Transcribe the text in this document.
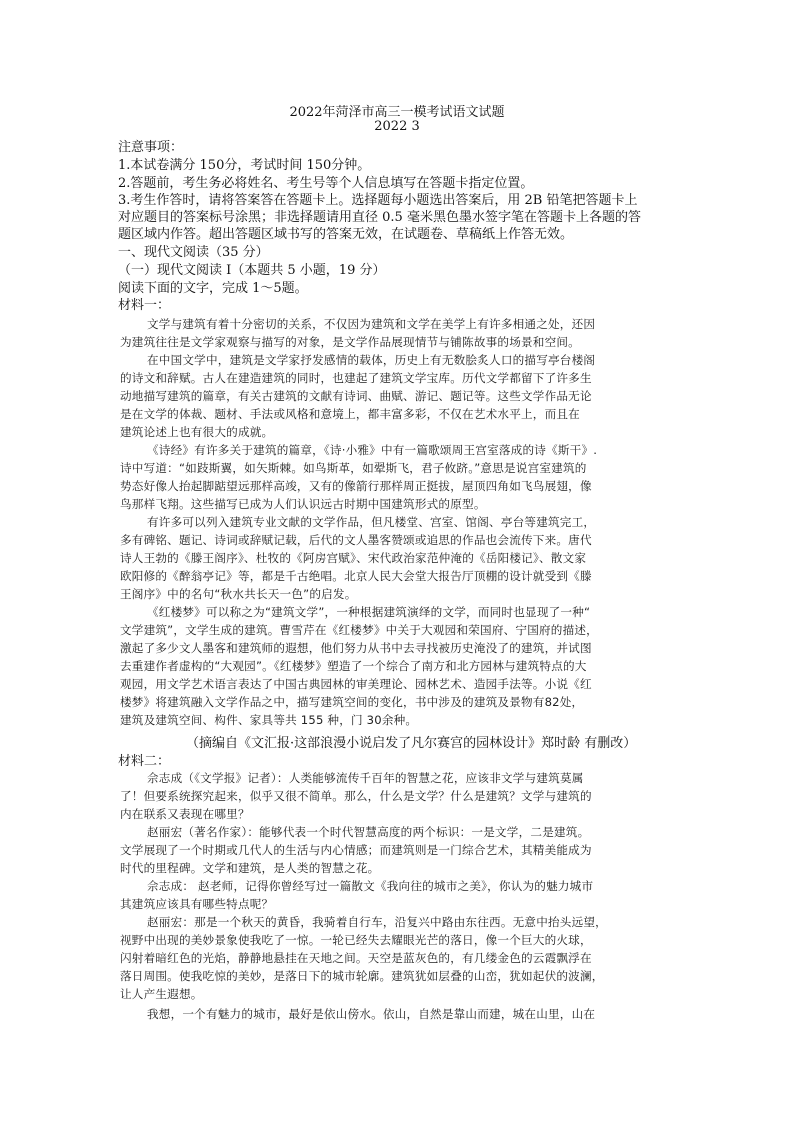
2022年菏泽市高三一模考试语文试题
2022 3
注意事项：
1.本试卷满分 150分，考试时间 150分钟。
2.答题前，考生务必将姓名、考生号等个人信息填写在答题卡指定位置。
3.考生作答时，请将答案答在答题卡上。选择题每小题选出答案后，用 2B 铅笔把答题卡上
对应题目的答案标号涂黑；非选择题请用直径 0.5 毫米黑色墨水签字笔在答题卡上各题的答
题区域内作答。超出答题区域书写的答案无效，在试题卷、草稿纸上作答无效。
一、现代文阅读（35 分）
（一）现代文阅读 I（本题共 5 小题，19 分）
阅读下面的文字，完成 1～5题。
材料一：
文学与建筑有着十分密切的关系，不仅因为建筑和文学在美学上有许多相通之处，还因
为建筑往往是文学家观察与描写的对象，是文学作品展现情节与铺陈故事的场景和空间。
在中国文学中，建筑是文学家抒发感情的载体，历史上有无数脍炙人口的描写亭台楼阁
的诗文和辞赋。古人在建造建筑的同时，也建起了建筑文学宝库。历代文学都留下了许多生
动地描写建筑的篇章，有关古建筑的文献有诗词、曲赋、游记、题记等。这些文学作品无论
是在文学的体裁、题材、手法或风格和意境上，都丰富多彩，不仅在艺术水平上，而且在
建筑论述上也有很大的成就。
《诗经》有许多关于建筑的篇章，《诗·小雅》中有一篇歌颂周王宫室落成的诗《斯干》.
诗中写道：“如跂斯翼，如矢斯棘。如鸟斯革，如翚斯飞，君子攸跻。”意思是说宫室建筑的
势态好像人抬起脚踮望远那样高竣，又有的像箭行那样周正挺拔，屋顶四角如飞鸟展翅，像
鸟那样飞翔。这些描写已成为人们认识远古时期中国建筑形式的原型。
有许多可以列入建筑专业文献的文学作品，但凡楼堂、宫室、馆阁、亭台等建筑完工，
多有碑铭、题记、诗词或辞赋记载，后代的文人墨客赞颂或追思的作品也会流传下来。唐代
诗人王勃的《滕王阁序》、杜牧的《阿房宫赋》、宋代政治家范仲淹的《岳阳楼记》、散文家
欧阳修的《醉翁亭记》等，都是千古绝唱。北京人民大会堂大报告厅顶棚的设计就受到《滕
王阁序》中的名句“秋水共长天一色”的启发。
《红楼梦》可以称之为“建筑文学”，一种根据建筑演绎的文学，而同时也显现了一种“
文学建筑”，文学生成的建筑。曹雪芹在《红楼梦》中关于大观园和荣国府、宁国府的描述，
激起了多少文人墨客和建筑师的遐想，他们努力从书中去寻找被历史淹没了的建筑，并试图
去重建作者虚构的“大观园”。《红楼梦》塑造了一个综合了南方和北方园林与建筑特点的大
观园，用文学艺术语言表达了中国古典园林的审美理论、园林艺术、造园手法等。小说《红
楼梦》将建筑融入文学作品之中，描写建筑空间的变化，书中涉及的建筑及景物有82处，
建筑及建筑空间、构件、家具等共 155 种，门 30余种。
（摘编自《文汇报·这部浪漫小说启发了凡尔赛宫的园林设计》郑时龄 有删改）
材料二：
佘志成（《文学报》记者）：人类能够流传千百年的智慧之花，应该非文学与建筑莫属
了！但要系统探究起来，似乎又很不简单。那么，什么是文学？什么是建筑？文学与建筑的
内在联系又表现在哪里？
赵丽宏（著名作家）：能够代表一个时代智慧高度的两个标识：一是文学，二是建筑。
文学展现了一个时期或几代人的生活与内心情感；而建筑则是一门综合艺术，其精美能成为
时代的里程碑。文学和建筑，是人类的智慧之花。
佘志成： 赵老师，记得你曾经写过一篇散文《我向往的城市之美》，你认为的魅力城市
其建筑应该具有哪些特点呢？
赵丽宏：那是一个秋天的黄昏，我骑着自行车，沿复兴中路由东往西。无意中抬头远望，
视野中出现的美妙景象使我吃了一惊。一轮已经失去耀眼光芒的落日，像一个巨大的火球，
闪射着暗红色的光焰，静静地悬挂在天地之间。天空是蓝灰色的，有几缕金色的云霞飘浮在
落日周围。使我吃惊的美妙，是落日下的城市轮廓。建筑犹如层叠的山峦，犹如起伏的波澜，
让人产生遐想。
我想，一个有魅力的城市，最好是依山傍水。依山，自然是靠山而建，城在山里，山在
